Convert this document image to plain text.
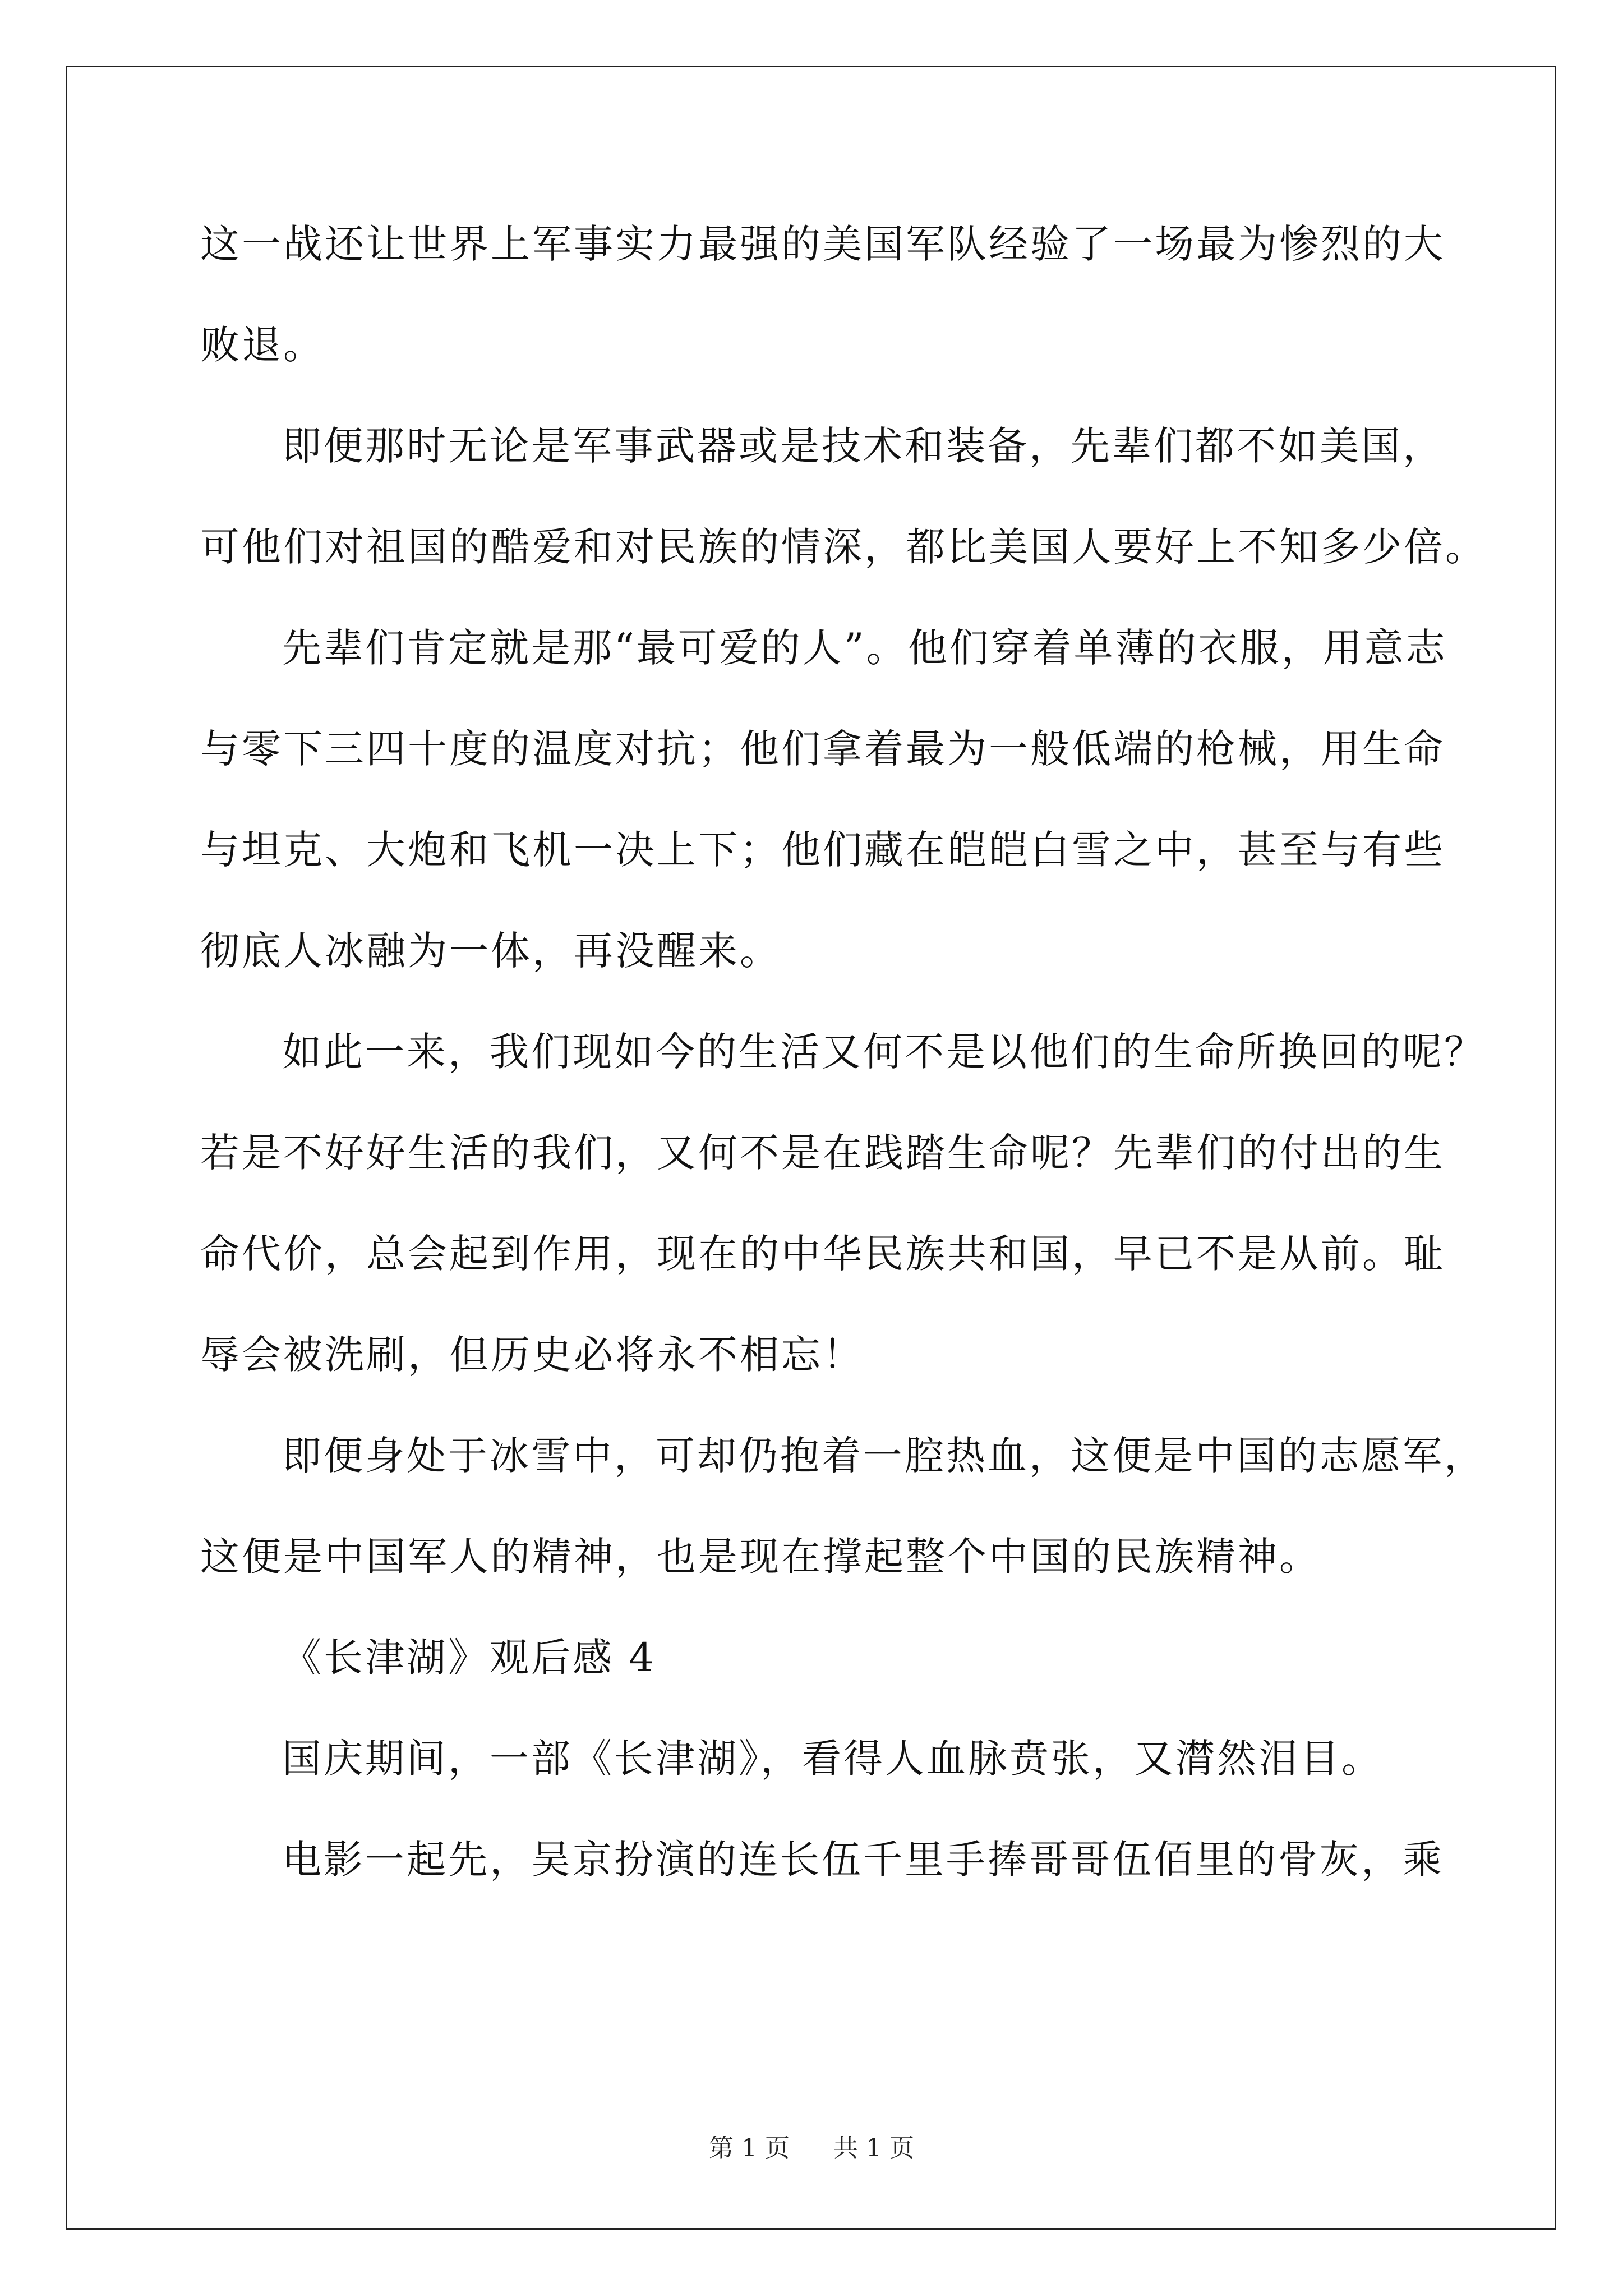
这一战还让世界上军事实力最强的美国军队经验了一场最为惨烈的大
败退。
即便那时无论是军事武器或是技术和装备，先辈们都不如美国，
可他们对祖国的酷爱和对民族的情深，都比美国人要好上不知多少倍。
先辈们肯定就是那“最可爱的人”。他们穿着单薄的衣服，用意志
与零下三四十度的温度对抗；他们拿着最为一般低端的枪械，用生命
与坦克、大炮和飞机一决上下；他们藏在皑皑白雪之中，甚至与有些
彻底人冰融为一体，再没醒来。
如此一来，我们现如今的生活又何不是以他们的生命所换回的呢？
若是不好好生活的我们，又何不是在践踏生命呢？先辈们的付出的生
命代价，总会起到作用，现在的中华民族共和国，早已不是从前。耻
辱会被洗刷，但历史必将永不相忘！
即便身处于冰雪中，可却仍抱着一腔热血，这便是中国的志愿军，
这便是中国军人的精神，也是现在撑起整个中国的民族精神。
《长津湖》观后感 4
国庆期间，一部《长津湖》，看得人血脉贲张，又潸然泪目。
电影一起先，吴京扮演的连长伍千里手捧哥哥伍佰里的骨灰，乘
第 1 页 共 1 页
